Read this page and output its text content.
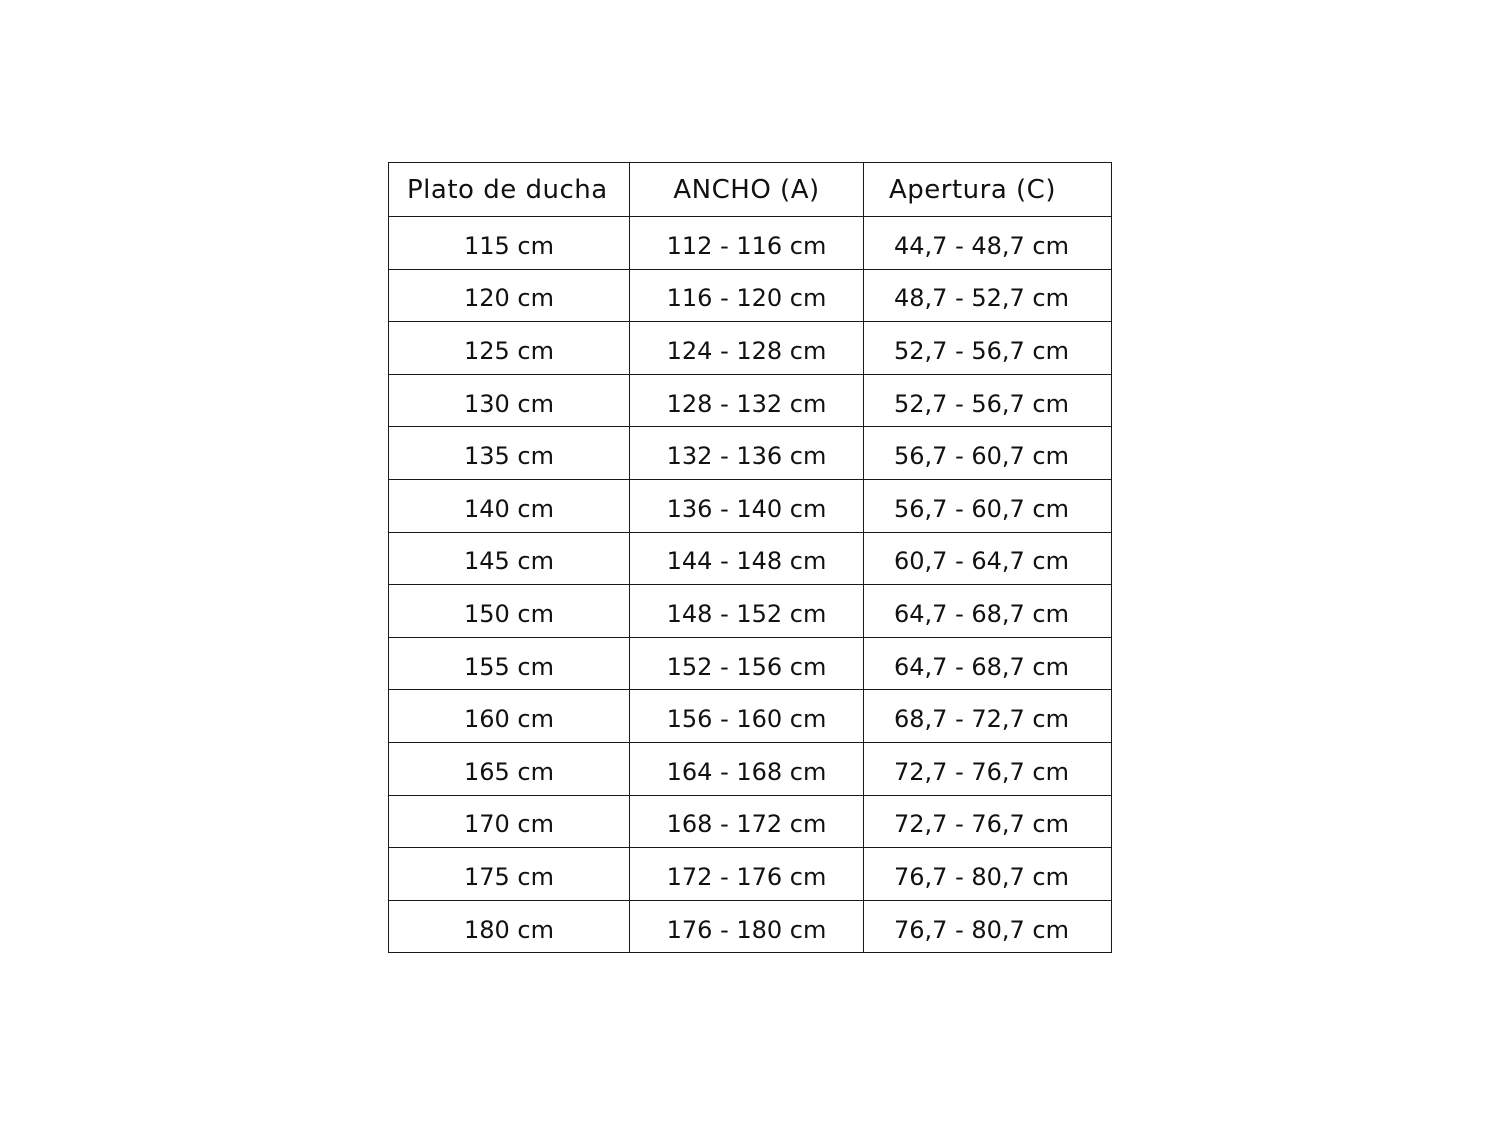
Plato de ducha	ANCHO (A)	Apertura (C)
115 cm	112 - 116 cm	44,7 - 48,7 cm
120 cm	116 - 120 cm	48,7 - 52,7 cm
125 cm	124 - 128 cm	52,7 - 56,7 cm
130 cm	128 - 132 cm	52,7 - 56,7 cm
135 cm	132 - 136 cm	56,7 - 60,7 cm
140 cm	136 - 140 cm	56,7 - 60,7 cm
145 cm	144 - 148 cm	60,7 - 64,7 cm
150 cm	148 - 152 cm	64,7 - 68,7 cm
155 cm	152 - 156 cm	64,7 - 68,7 cm
160 cm	156 - 160 cm	68,7 - 72,7 cm
165 cm	164 - 168 cm	72,7 - 76,7 cm
170 cm	168 - 172 cm	72,7 - 76,7 cm
175 cm	172 - 176 cm	76,7 - 80,7 cm
180 cm	176 - 180 cm	76,7 - 80,7 cm
